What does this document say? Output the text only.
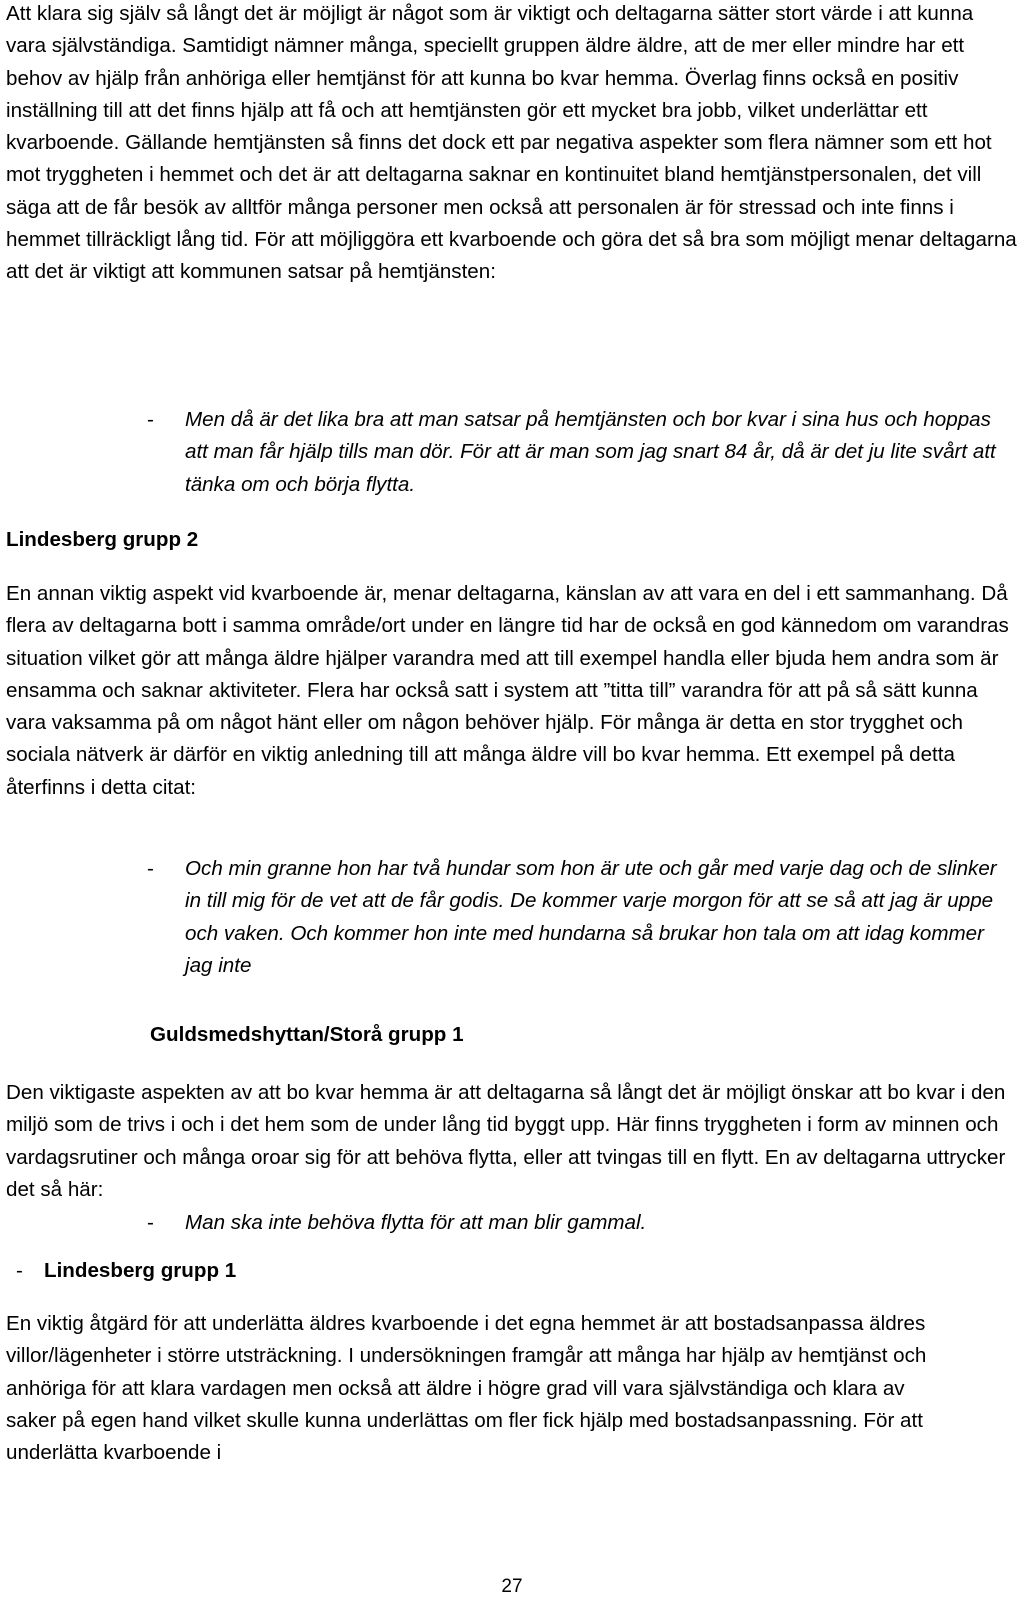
Att klara sig själv så långt det är möjligt är något som är viktigt och deltagarna sätter stort värde i att kunna vara självständiga. Samtidigt nämner många, speciellt gruppen äldre äldre, att de mer eller mindre har ett behov av hjälp från anhöriga eller hemtjänst för att kunna bo kvar hemma. Överlag finns också en positiv inställning till att det finns hjälp att få och att hemtjänsten gör ett mycket bra jobb, vilket underlättar ett kvarboende. Gällande hemtjänsten så finns det dock ett par negativa aspekter som flera nämner som ett hot mot tryggheten i hemmet och det är att deltagarna saknar en kontinuitet bland hemtjänstpersonalen, det vill säga att de får besök av alltför många personer men också att personalen är för stressad och inte finns i hemmet tillräckligt lång tid. För att möjliggöra ett kvarboende och göra det så bra som möjligt menar deltagarna att det är viktigt att kommunen satsar på hemtjänsten:

- Men då är det lika bra att man satsar på hemtjänsten och bor kvar i sina hus och hoppas att man får hjälp tills man dör. För att är man som jag snart 84 år, då är det ju lite svårt att tänka om och börja flytta.

Lindesberg grupp 2

En annan viktig aspekt vid kvarboende är, menar deltagarna, känslan av att vara en del i ett sammanhang. Då flera av deltagarna bott i samma område/ort under en längre tid har de också en god kännedom om varandras situation vilket gör att många äldre hjälper varandra med att till exempel handla eller bjuda hem andra som är ensamma och saknar aktiviteter. Flera har också satt i system att ”titta till” varandra för att på så sätt kunna vara vaksamma på om något hänt eller om någon behöver hjälp. För många är detta en stor trygghet och sociala nätverk är därför en viktig anledning till att många äldre vill bo kvar hemma. Ett exempel på detta återfinns i detta citat:

- Och min granne hon har två hundar som hon är ute och går med varje dag och de slinker in till mig för de vet att de får godis. De kommer varje morgon för att se så att jag är uppe och vaken. Och kommer hon inte med hundarna så brukar hon tala om att idag kommer jag inte

Guldsmedshyttan/Storå grupp 1

Den viktigaste aspekten av att bo kvar hemma är att deltagarna så långt det är möjligt önskar att bo kvar i den miljö som de trivs i och i det hem som de under lång tid byggt upp. Här finns tryggheten i form av minnen och vardagsrutiner och många oroar sig för att behöva flytta, eller att tvingas till en flytt. En av deltagarna uttrycker det så här:

- Man ska inte behöva flytta för att man blir gammal.

- Lindesberg grupp 1

En viktig åtgärd för att underlätta äldres kvarboende i det egna hemmet är att bostadsanpassa äldres villor/lägenheter i större utsträckning. I undersökningen framgår att många har hjälp av hemtjänst och anhöriga för att klara vardagen men också att äldre i högre grad vill vara självständiga och klara av saker på egen hand vilket skulle kunna underlättas om fler fick hjälp med bostadsanpassning. För att underlätta kvarboende i

27
